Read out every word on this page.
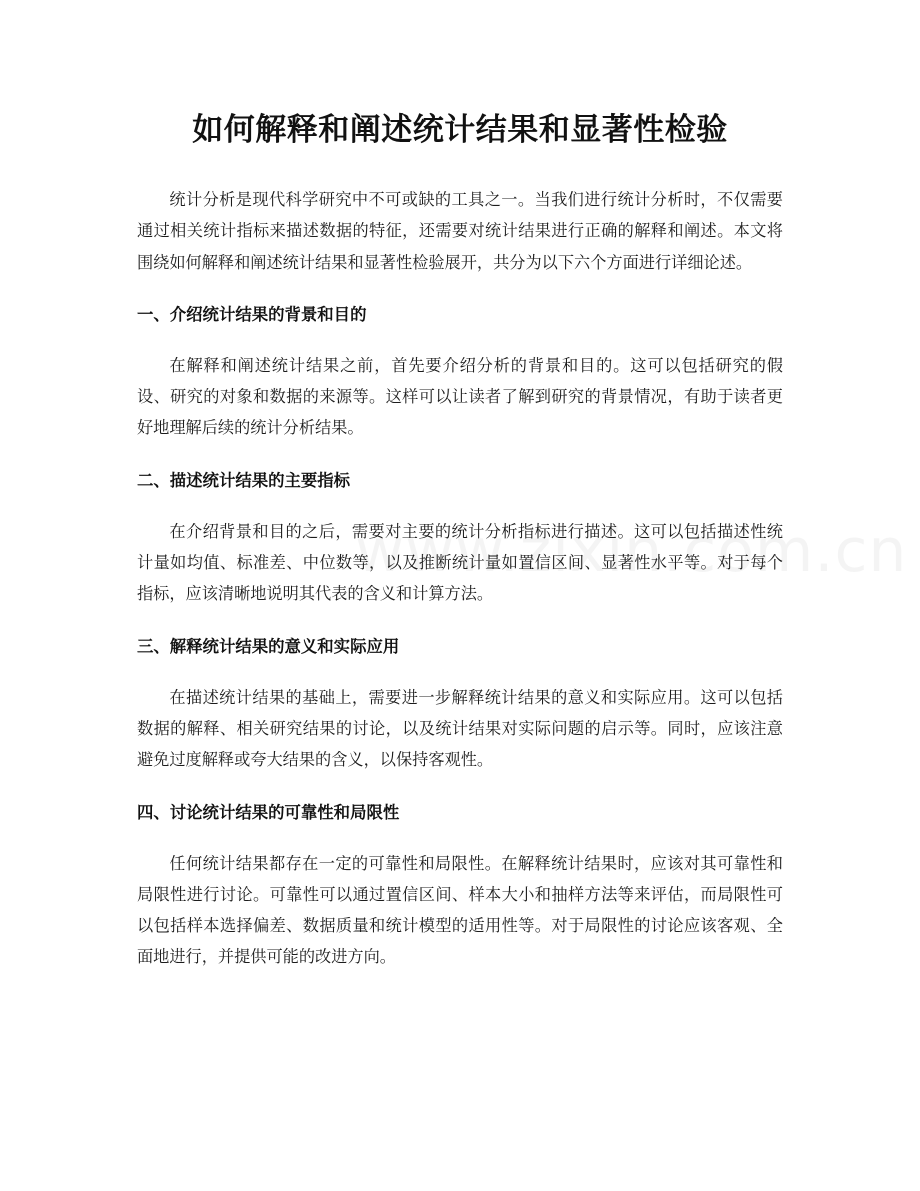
如何解释和阐述统计结果和显著性检验

统计分析是现代科学研究中不可或缺的工具之一。当我们进行统计分析时，不仅需要通过相关统计指标来描述数据的特征，还需要对统计结果进行正确的解释和阐述。本文将围绕如何解释和阐述统计结果和显著性检验展开，共分为以下六个方面进行详细论述。

一、介绍统计结果的背景和目的

在解释和阐述统计结果之前，首先要介绍分析的背景和目的。这可以包括研究的假设、研究的对象和数据的来源等。这样可以让读者了解到研究的背景情况，有助于读者更好地理解后续的统计分析结果。

二、描述统计结果的主要指标

在介绍背景和目的之后，需要对主要的统计分析指标进行描述。这可以包括描述性统计量如均值、标准差、中位数等，以及推断统计量如置信区间、显著性水平等。对于每个指标，应该清晰地说明其代表的含义和计算方法。

三、解释统计结果的意义和实际应用

在描述统计结果的基础上，需要进一步解释统计结果的意义和实际应用。这可以包括数据的解释、相关研究结果的讨论，以及统计结果对实际问题的启示等。同时，应该注意避免过度解释或夸大结果的含义，以保持客观性。

四、讨论统计结果的可靠性和局限性

任何统计结果都存在一定的可靠性和局限性。在解释统计结果时，应该对其可靠性和局限性进行讨论。可靠性可以通过置信区间、样本大小和抽样方法等来评估，而局限性可以包括样本选择偏差、数据质量和统计模型的适用性等。对于局限性的讨论应该客观、全面地进行，并提供可能的改进方向。
